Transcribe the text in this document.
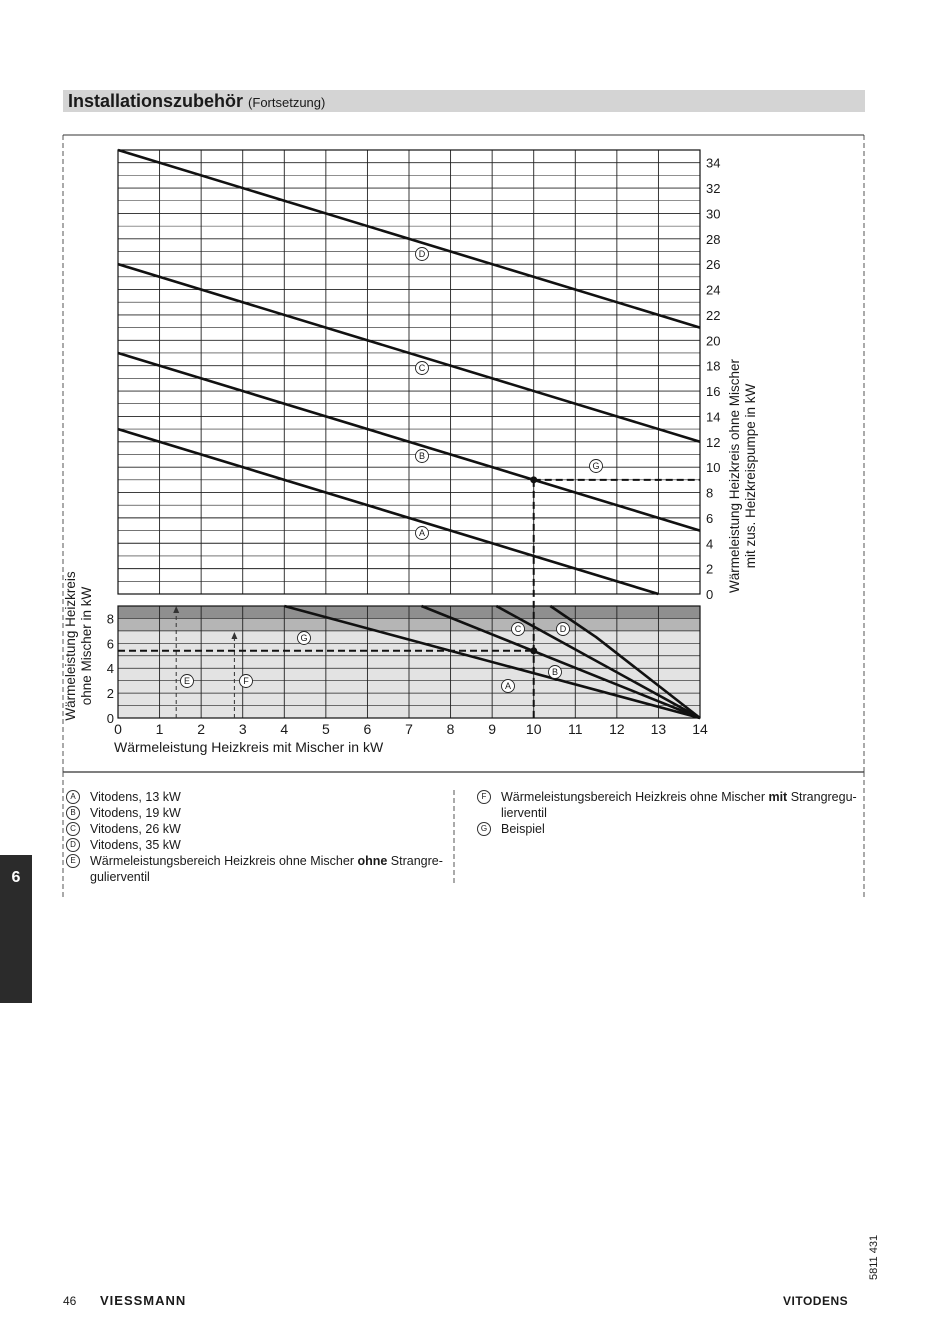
Installationszubehör (Fortsetzung)
6
D
C
B
A
G
G
C	D
B
A
E	F
0 1 2 3 4 5 6 7 8 9 10 11 12 13 14
0
2
4
6
8
10
12
14
16
18
20
22
24
26
28
30
32
34
0
2
4
6
8
Wärmeleistung Heizkreis mit Mischer in kW
Wärmeleistung Heizkreis ohne Mischer mit zus. Heizkreispumpe in kW
Wärmeleistung Heizkreis ohne Mischer in kW
A	Vitodens, 13 kW
B	Vitodens, 19 kW
C	Vitodens, 26 kW
D	Vitodens, 35 kW
E	Wärmeleistungsbereich Heizkreis ohne Mischer ohne Strangre-gulierventil
F	Wärmeleistungsbereich Heizkreis ohne Mischer mit Strangregu-lierventil
G	Beispiel
46 VIESSMANN	VITODENS
5811 431
